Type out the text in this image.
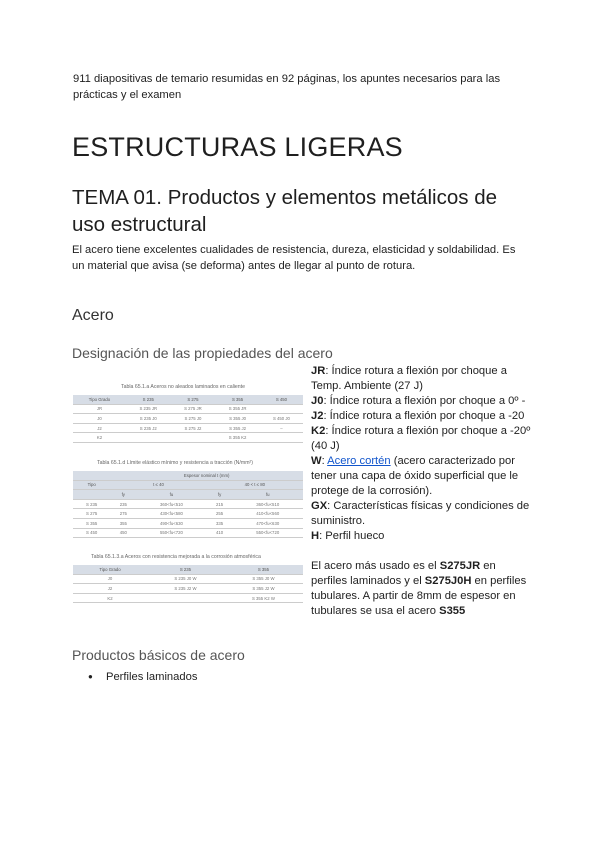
911 diapositivas de temario resumidas en 92 páginas, los apuntes necesarios para las prácticas y el examen
ESTRUCTURAS LIGERAS
TEMA 01. Productos y elementos metálicos de uso estructural

El acero tiene excelentes cualidades de resistencia, dureza, elasticidad y soldabilidad. Es un material que avisa (se deforma) antes de llegar al punto de rotura.

Acero
Designación de las propiedades del acero
Tabla 65.1.a Aceros no aleados laminados en caliente
Tipo Grado	S 235	S 275	S 355	S 450
JR	S 235 JR	S 275 JR	S 355 JR	
J0	S 235 J0	S 275 J0	S 355 J0	S 450 J0
J2	S 235 J2	S 275 J2	S 355 J2	–
K2			S 355 K2	
Tabla 65.1.d Límite elástico mínimo y resistencia a tracción (N/mm²)
	Espesor nominal t (mm)			
Tipo	t ≤ 40		40 < t ≤ 80	
	fy	fu	fy	fu
S 235	235	360<fu<510	215	360<fu<510
S 275	275	430<fu<580	255	410<fu<560
S 355	355	490<fu<630	335	470<fu<630
S 450	450	550<fu<720	410	550<fu<720
Tabla 65.1.3.a Aceros con resistencia mejorada a la corrosión atmosférica
Tipo Grado	S 235	S 355
J0	S 235 J0 W	S 355 J0 W
J2	S 235 J2 W	S 355 J2 W
K2		S 355 K2 W

JR: Índice rotura a flexión por choque a Temp. Ambiente (27 J)

J0: Índice rotura a flexión por choque a 0º -

J2: Índice rotura a flexión por choque a -20

K2: Índice rotura a flexión por choque a -20º (40 J)

W: Acero cortén (acero caracterizado por tener una capa de óxido superficial que le protege de la corrosión).

GX: Características físicas y condiciones de suministro.

H: Perfil hueco

El acero más usado es el S275JR en perfiles laminados y el S275J0H en perfiles tubulares. A partir de 8mm de espesor en tubulares se usa el acero S355

Productos básicos de acero
● Perfiles laminados
